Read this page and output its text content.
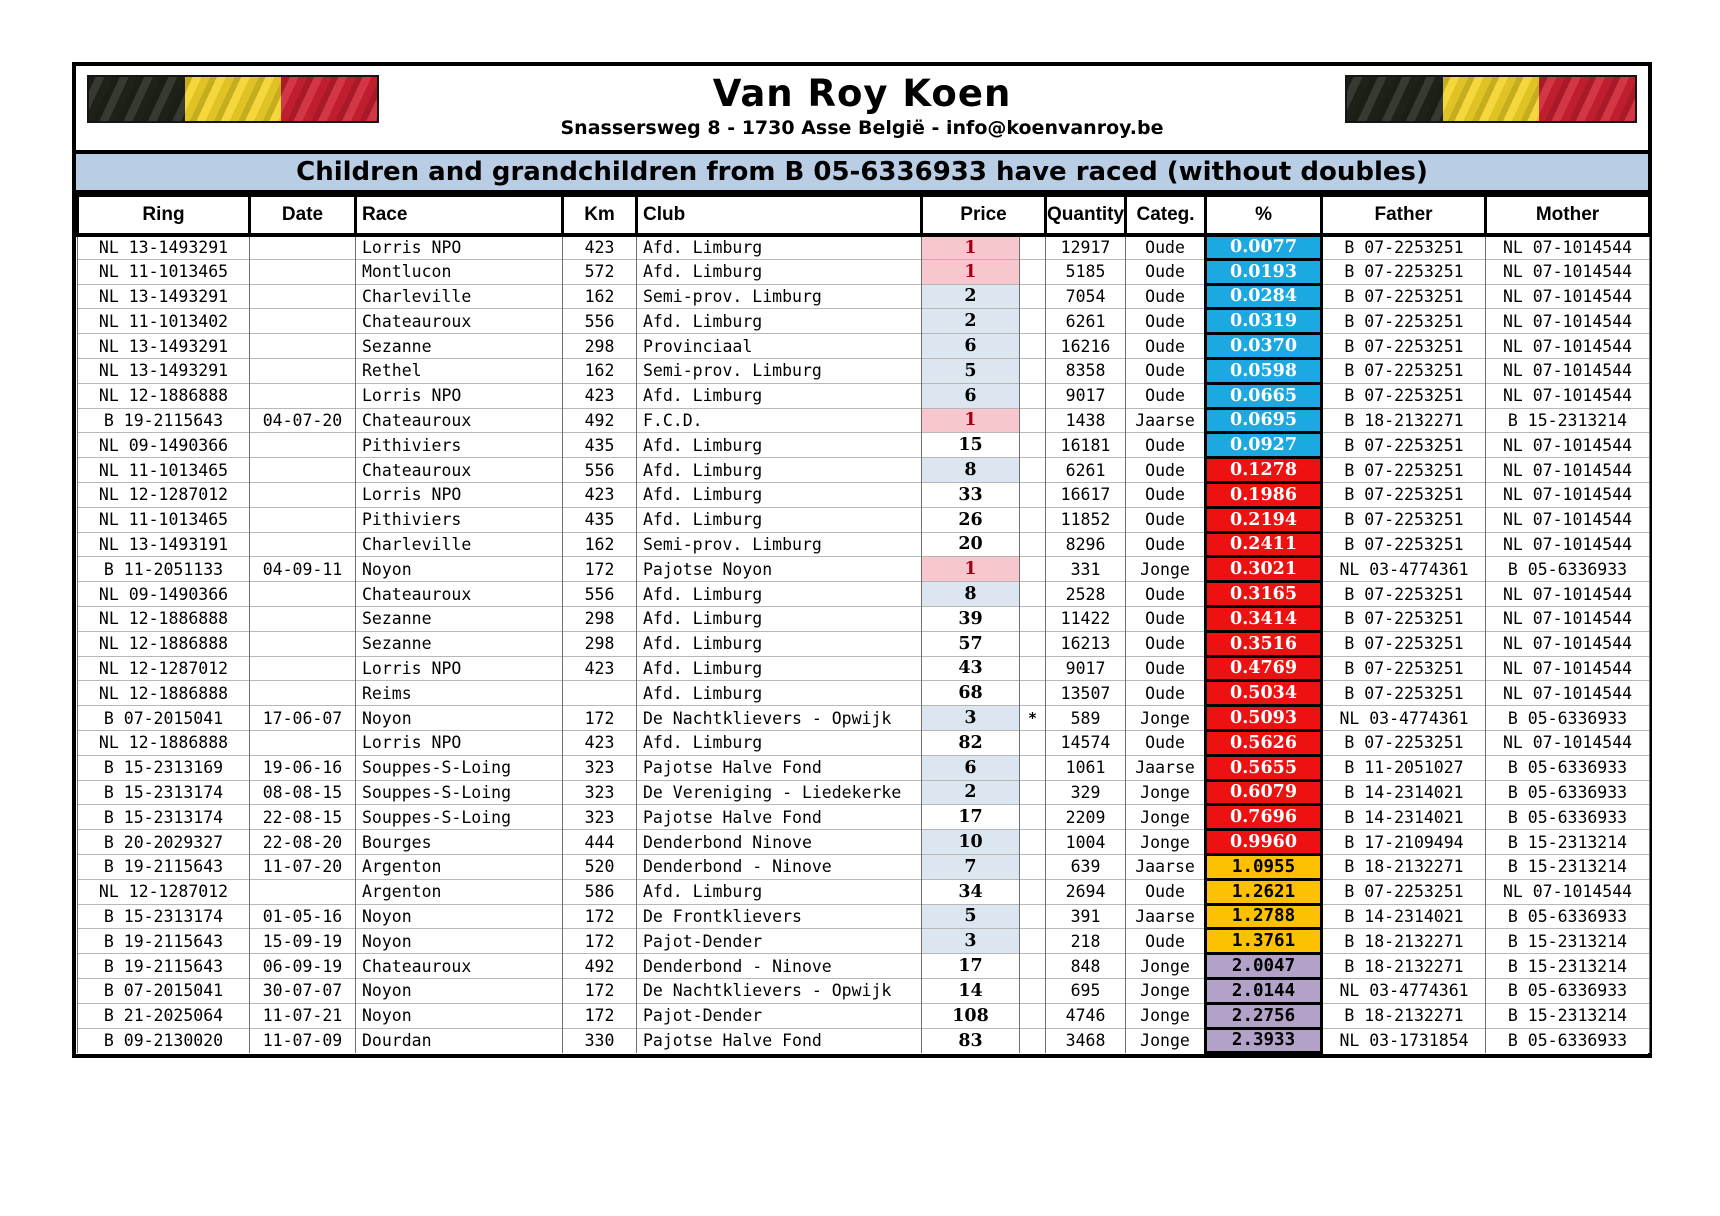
Van Roy Koen
Snassersweg 8 - 1730 Asse België - info@koenvanroy.be
Children and grandchildren from B 05-6336933 have raced (without doubles)
Ring	Date	Race	Km	Club	Price		Quantity	Categ.	%	Father	Mother
NL 13-1493291		Lorris NPO	423	Afd. Limburg	1		12917	Oude	0.0077	B 07-2253251	NL 07-1014544
NL 11-1013465		Montlucon	572	Afd. Limburg	1		5185	Oude	0.0193	B 07-2253251	NL 07-1014544
NL 13-1493291		Charleville	162	Semi-prov. Limburg	2		7054	Oude	0.0284	B 07-2253251	NL 07-1014544
NL 11-1013402		Chateauroux	556	Afd. Limburg	2		6261	Oude	0.0319	B 07-2253251	NL 07-1014544
NL 13-1493291		Sezanne	298	Provinciaal	6		16216	Oude	0.0370	B 07-2253251	NL 07-1014544
NL 13-1493291		Rethel	162	Semi-prov. Limburg	5		8358	Oude	0.0598	B 07-2253251	NL 07-1014544
NL 12-1886888		Lorris NPO	423	Afd. Limburg	6		9017	Oude	0.0665	B 07-2253251	NL 07-1014544
B 19-2115643	04-07-20	Chateauroux	492	F.C.D.	1		1438	Jaarse	0.0695	B 18-2132271	B 15-2313214
NL 09-1490366		Pithiviers	435	Afd. Limburg	15		16181	Oude	0.0927	B 07-2253251	NL 07-1014544
NL 11-1013465		Chateauroux	556	Afd. Limburg	8		6261	Oude	0.1278	B 07-2253251	NL 07-1014544
NL 12-1287012		Lorris NPO	423	Afd. Limburg	33		16617	Oude	0.1986	B 07-2253251	NL 07-1014544
NL 11-1013465		Pithiviers	435	Afd. Limburg	26		11852	Oude	0.2194	B 07-2253251	NL 07-1014544
NL 13-1493191		Charleville	162	Semi-prov. Limburg	20		8296	Oude	0.2411	B 07-2253251	NL 07-1014544
B 11-2051133	04-09-11	Noyon	172	Pajotse Noyon	1		331	Jonge	0.3021	NL 03-4774361	B 05-6336933
NL 09-1490366		Chateauroux	556	Afd. Limburg	8		2528	Oude	0.3165	B 07-2253251	NL 07-1014544
NL 12-1886888		Sezanne	298	Afd. Limburg	39		11422	Oude	0.3414	B 07-2253251	NL 07-1014544
NL 12-1886888		Sezanne	298	Afd. Limburg	57		16213	Oude	0.3516	B 07-2253251	NL 07-1014544
NL 12-1287012		Lorris NPO	423	Afd. Limburg	43		9017	Oude	0.4769	B 07-2253251	NL 07-1014544
NL 12-1886888		Reims		Afd. Limburg	68		13507	Oude	0.5034	B 07-2253251	NL 07-1014544
B 07-2015041	17-06-07	Noyon	172	De Nachtklievers - Opwijk	3	*	589	Jonge	0.5093	NL 03-4774361	B 05-6336933
NL 12-1886888		Lorris NPO	423	Afd. Limburg	82		14574	Oude	0.5626	B 07-2253251	NL 07-1014544
B 15-2313169	19-06-16	Souppes-S-Loing	323	Pajotse Halve Fond	6		1061	Jaarse	0.5655	B 11-2051027	B 05-6336933
B 15-2313174	08-08-15	Souppes-S-Loing	323	De Vereniging - Liedekerke	2		329	Jonge	0.6079	B 14-2314021	B 05-6336933
B 15-2313174	22-08-15	Souppes-S-Loing	323	Pajotse Halve Fond	17		2209	Jonge	0.7696	B 14-2314021	B 05-6336933
B 20-2029327	22-08-20	Bourges	444	Denderbond Ninove	10		1004	Jonge	0.9960	B 17-2109494	B 15-2313214
B 19-2115643	11-07-20	Argenton	520	Denderbond - Ninove	7		639	Jaarse	1.0955	B 18-2132271	B 15-2313214
NL 12-1287012		Argenton	586	Afd. Limburg	34		2694	Oude	1.2621	B 07-2253251	NL 07-1014544
B 15-2313174	01-05-16	Noyon	172	De Frontklievers	5		391	Jaarse	1.2788	B 14-2314021	B 05-6336933
B 19-2115643	15-09-19	Noyon	172	Pajot-Dender	3		218	Oude	1.3761	B 18-2132271	B 15-2313214
B 19-2115643	06-09-19	Chateauroux	492	Denderbond - Ninove	17		848	Jonge	2.0047	B 18-2132271	B 15-2313214
B 07-2015041	30-07-07	Noyon	172	De Nachtklievers - Opwijk	14		695	Jonge	2.0144	NL 03-4774361	B 05-6336933
B 21-2025064	11-07-21	Noyon	172	Pajot-Dender	108		4746	Jonge	2.2756	B 18-2132271	B 15-2313214
B 09-2130020	11-07-09	Dourdan	330	Pajotse Halve Fond	83		3468	Jonge	2.3933	NL 03-1731854	B 05-6336933
